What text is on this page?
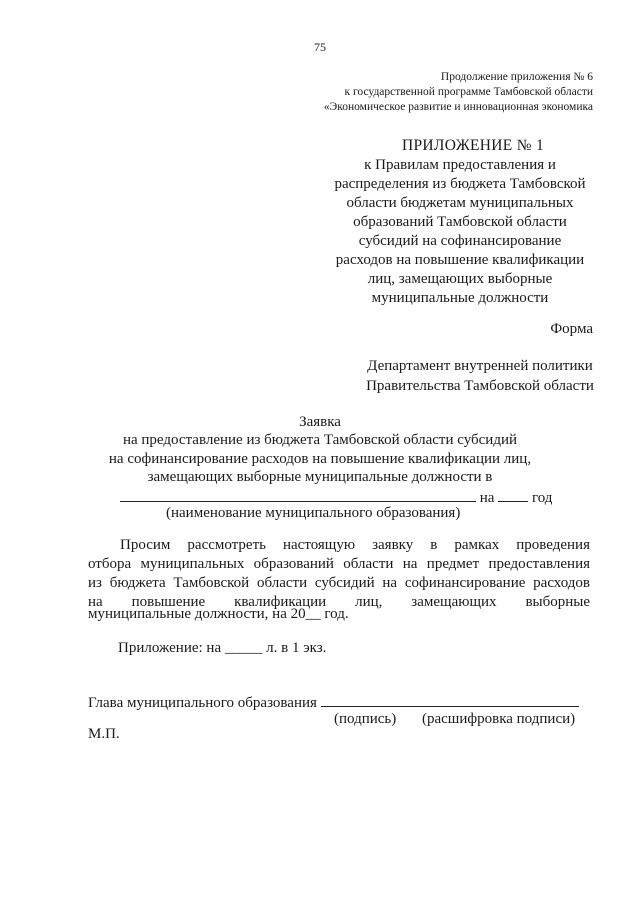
75
Продолжение приложения № 6
к государственной программе Тамбовской области
«Экономическое развитие и инновационная экономика
ПРИЛОЖЕНИЕ № 1
к Правилам предоставления и
распределения из бюджета Тамбовской
области бюджетам муниципальных
образований Тамбовской области
субсидий на софинансирование
расходов на повышение квалификации
лиц, замещающих выборные
муниципальные должности
Форма
Департамент внутренней политики
Правительства Тамбовской области
Заявка
на предоставление из бюджета Тамбовской области субсидий
на софинансирование расходов на повышение квалификации лиц,
замещающих выборные муниципальные должности в
на	год
(наименование муниципального образования)
Просим рассмотреть настоящую заявку в рамках проведения
отбора муниципальных образований области на предмет предоставления
из бюджета Тамбовской области субсидий на софинансирование расходов
на повышение квалификации лиц, замещающих выборные
муниципальные должности, на 20__ год.
Приложение: на _____ л. в 1 экз.
Глава муниципального образования
(подпись) (расшифровка подписи)
М.П.
